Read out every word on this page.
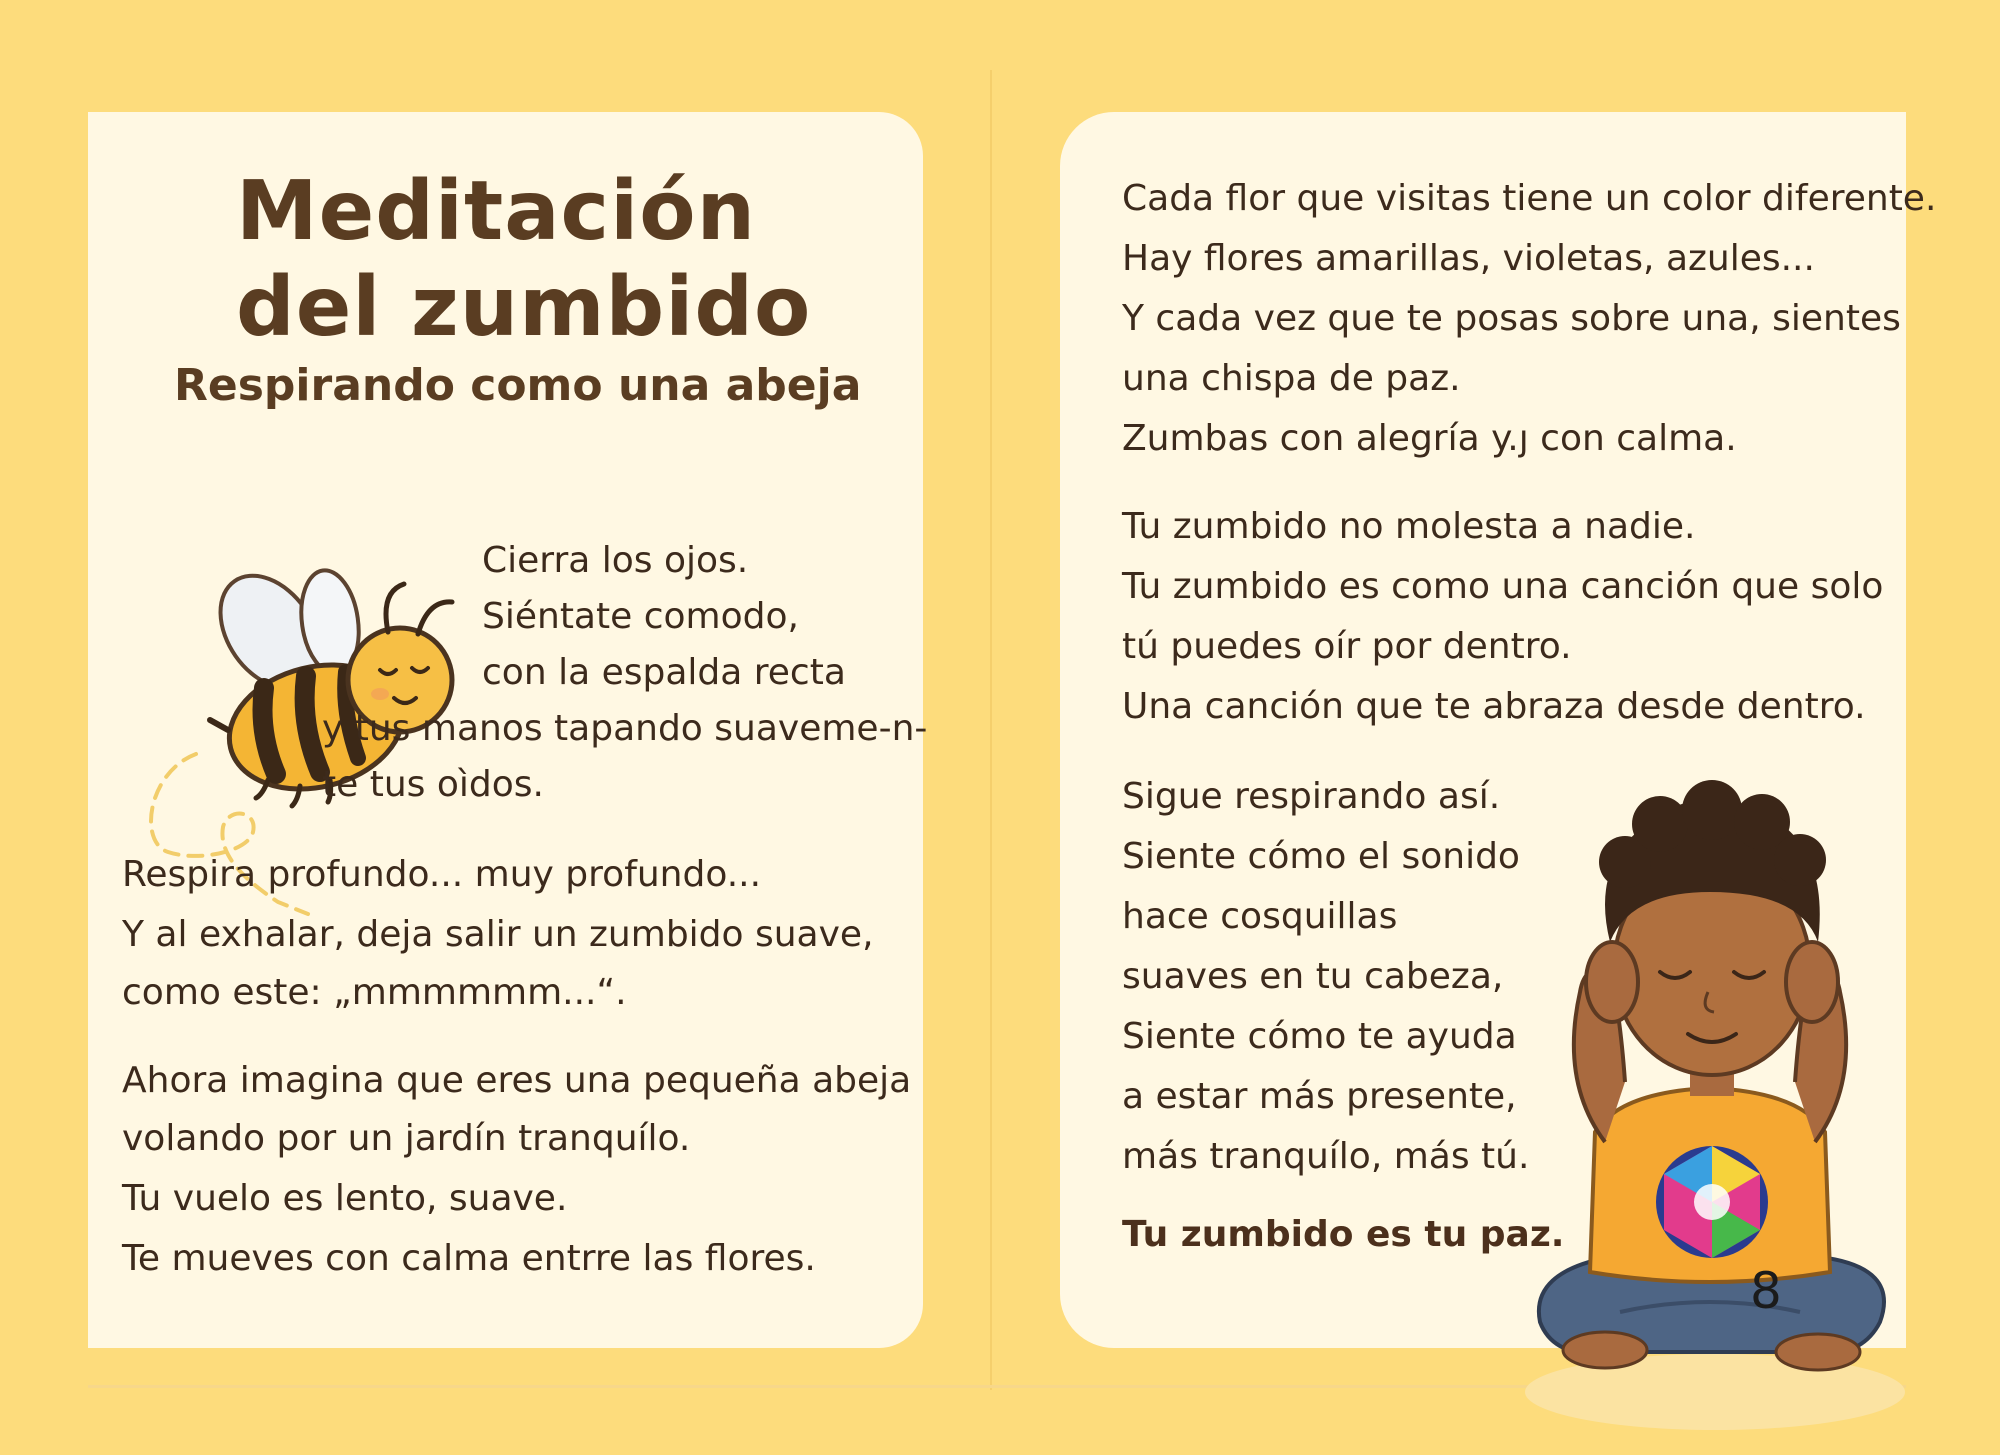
Meditación
del zumbido
Respirando como una abeja

Cierra los ojos.

Siéntate comodo,

con la espalda recta

y tus manos tapando suaveme-n-

te tus oìdos.

Respira profundo... muy profundo...

Y al exhalar, deja salir un zumbido suave,

como este: „mmmmmm...“.

Ahora imagina que eres una pequeña abeja

volando por un jardín tranquílo.

Tu vuelo es lento, suave.

Te mueves con calma entrre las flores.

Cada flor que visitas tiene un color diferente.

Hay flores amarillas, violetas, azules...

Y cada vez que te posas sobre una, sientes

una chispa de paz.

Zumbas con alegría y.ȷ con calma.

Tu zumbido no molesta a nadie.

Tu zumbido es como una canción que solo

tú puedes oír por dentro.

Una canción que te abraza desde dentro.

Sigue respirando así.

Siente cómo el sonido

hace cosquillas

suaves en tu cabeza,

Siente cómo te ayuda

a estar más presente,

más tranquílo, más tú.

Tu zumbido es tu paz.

8
